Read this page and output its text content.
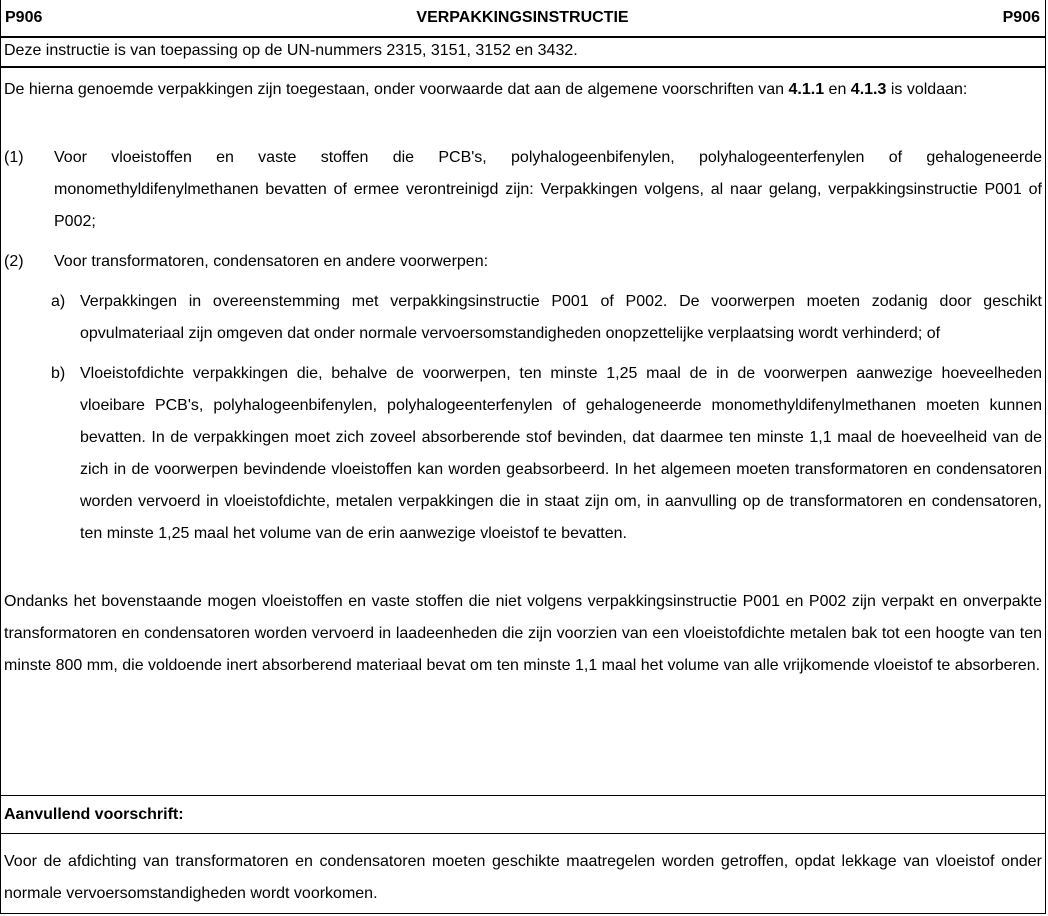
P906	VERPAKKINGSINSTRUCTIE	P906
Deze instructie is van toepassing op de UN-nummers 2315, 3151, 3152 en 3432.

De hierna genoemde verpakkingen zijn toegestaan, onder voorwaarde dat aan de algemene voorschriften van 4.1.1 en 4.1.3 is voldaan:

(1)	Voor vloeistoffen en vaste stoffen die PCB's, polyhalogeenbifenylen, polyhalogeenterfenylen of gehalogeneerde monomethyldifenylmethanen bevatten of ermee verontreinigd zijn: Verpakkingen volgens, al naar gelang, verpakkingsinstructie P001 of P002;
(2)	Voor transformatoren, condensatoren en andere voorwerpen:
a) Verpakkingen in overeenstemming met verpakkingsinstructie P001 of P002. De voorwerpen moeten zodanig door geschikt opvulmateriaal zijn omgeven dat onder normale vervoersomstandigheden onopzettelijke verplaatsing wordt verhinderd; of
b) Vloeistofdichte verpakkingen die, behalve de voorwerpen, ten minste 1,25 maal de in de voorwerpen aanwezige hoeveelheden vloeibare PCB's, polyhalogeenbifenylen, polyhalogeenterfenylen of gehalogeneerde monomethyldifenylmethanen moeten kunnen bevatten. In de verpakkingen moet zich zoveel absorberende stof bevinden, dat daarmee ten minste 1,1 maal de hoeveelheid van de zich in de voorwerpen bevindende vloeistoffen kan worden geabsorbeerd. In het algemeen moeten transformatoren en condensatoren worden vervoerd in vloeistofdichte, metalen verpakkingen die in staat zijn om, in aanvulling op de transformatoren en condensatoren, ten minste 1,25 maal het volume van de erin aanwezige vloeistof te bevatten.

Ondanks het bovenstaande mogen vloeistoffen en vaste stoffen die niet volgens verpakkingsinstructie P001 en P002 zijn verpakt en onverpakte transformatoren en condensatoren worden vervoerd in laadeenheden die zijn voorzien van een vloeistofdichte metalen bak tot een hoogte van ten minste 800 mm, die voldoende inert absorberend materiaal bevat om ten minste 1,1 maal het volume van alle vrijkomende vloeistof te absorberen.

Aanvullend voorschrift:

Voor de afdichting van transformatoren en condensatoren moeten geschikte maatregelen worden getroffen, opdat lekkage van vloeistof onder normale vervoersomstandigheden wordt voorkomen.
